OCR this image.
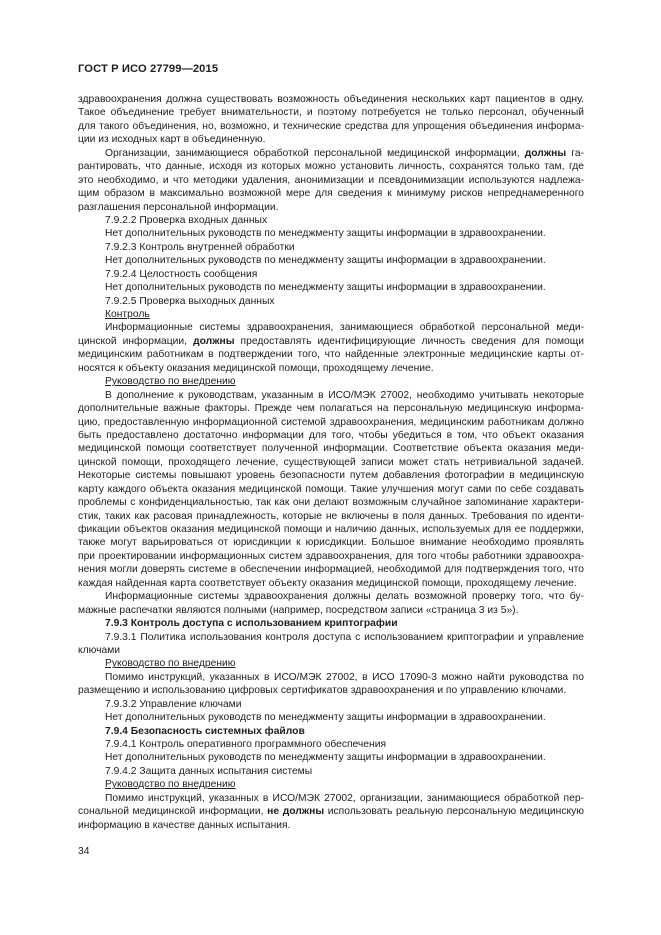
ГОСТ Р ИСО 27799—2015
здравоохранения должна существовать возможность объединения нескольких карт пациентов в одну.
Такое объединение требует внимательности, и поэтому потребуется не только персонал, обученный
для такого объединения, но, возможно, и технические средства для упрощения объединения информа-
ции из исходных карт в объединенную.
Организации, занимающиеся обработкой персональной медицинской информации, должны га-
рантировать, что данные, исходя из которых можно установить личность, сохранятся только там, где
это необходимо, и что методики удаления, анонимизации и псевдонимизации используются надлежа-
щим образом в максимально возможной мере для сведения к минимуму рисков непреднамеренного
разглашения персональной информации.
7.9.2.2 Проверка входных данных
Нет дополнительных руководств по менеджменту защиты информации в здравоохранении.
7.9.2.3 Контроль внутренней обработки
Нет дополнительных руководств по менеджменту защиты информации в здравоохранении.
7.9.2.4 Целостность сообщения
Нет дополнительных руководств по менеджменту защиты информации в здравоохранении.
7.9.2.5 Проверка выходных данных
Контроль
Информационные системы здравоохранения, занимающиеся обработкой персональной меди-
цинской информации, должны предоставлять идентифицирующие личность сведения для помощи
медицинским работникам в подтверждении того, что найденные электронные медицинские карты от-
носятся к объекту оказания медицинской помощи, проходящему лечение.
Руководство по внедрению
В дополнение к руководствам, указанным в ИСО/МЭК 27002, необходимо учитывать некоторые
дополнительные важные факторы. Прежде чем полагаться на персональную медицинскую информа-
цию, предоставленную информационной системой здравоохранения, медицинским работникам должно
быть предоставлено достаточно информации для того, чтобы убедиться в том, что объект оказания
медицинской помощи соответствует полученной информации. Соответствие объекта оказания меди-
цинской помощи, проходящего лечение, существующей записи может стать нетривиальной задачей.
Некоторые системы повышают уровень безопасности путем добавления фотографии в медицинскую
карту каждого объекта оказания медицинской помощи. Такие улучшения могут сами по себе создавать
проблемы с конфиденциальностью, так как они делают возможным случайное запоминание характери-
стик, таких как расовая принадлежность, которые не включены в поля данных. Требования по иденти-
фикации объектов оказания медицинской помощи и наличию данных, используемых для ее поддержки,
также могут варьироваться от юрисдикции к юрисдикции. Большое внимание необходимо проявлять
при проектировании информационных систем здравоохранения, для того чтобы работники здравоохра-
нения могли доверять системе в обеспечении информацией, необходимой для подтверждения того, что
каждая найденная карта соответствует объекту оказания медицинской помощи, проходящему лечение.
Информационные системы здравоохранения должны делать возможной проверку того, что бу-
мажные распечатки являются полными (например, посредством записи «страница 3 из 5»).
7.9.3 Контроль доступа с использованием криптографии
7.9.3.1 Политика использования контроля доступа с использованием криптографии и управление
ключами
Руководство по внедрению
Помимо инструкций, указанных в ИСО/МЭК 27002, в ИСО 17090-3 можно найти руководства по
размещению и использованию цифровых сертификатов здравоохранения и по управлению ключами.
7.9.3.2 Управление ключами
Нет дополнительных руководств по менеджменту защиты информации в здравоохранении.
7.9.4 Безопасность системных файлов
7.9.4.1 Контроль оперативного программного обеспечения
Нет дополнительных руководств по менеджменту защиты информации в здравоохранении.
7.9.4.2 Защита данных испытания системы
Руководство по внедрению
Помимо инструкций, указанных в ИСО/МЭК 27002, организации, занимающиеся обработкой пер-
сональной медицинской информации, не должны использовать реальную персональную медицинскую
информацию в качестве данных испытания.
34
